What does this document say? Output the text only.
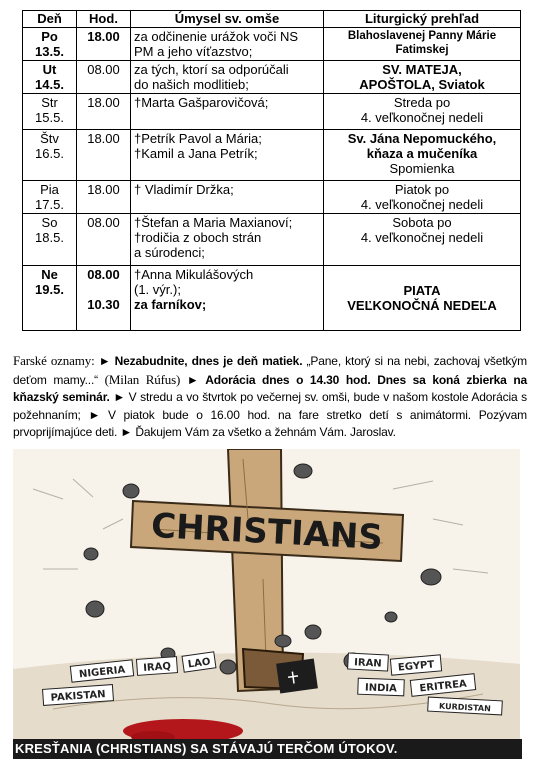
Deň	Hod.	Úmysel sv. omše	Liturgický prehľad

Po
13.5.	18.00	za odčinenie urážok voči NS
PM a jeho víťazstvo;	Blahoslavenej Panny Márie
Fatimskej

Ut
14.5.	08.00	za tých, ktorí sa odporúčali
do našich modlitieb;	SV. MATEJA,
APOŠTOLA, Sviatok

Str
15.5.	18.00	†Marta Gašparovičová;	Streda po
4. veľkonočnej nedeli

Štv
16.5.	18.00	†Petrík Pavol a Mária;
†Kamil a Jana Petrík;	Sv. Jána Nepomuckého,
kňaza a mučeníka
Spomienka

Pia
17.5.	18.00	† Vladimír Držka;	Piatok po
4. veľkonočnej nedeli

So
18.5.	08.00	†Štefan a Maria Maxianoví;
†rodičia z oboch strán
a súrodenci;	Sobota po
4. veľkonočnej nedeli

Ne
19.5.	08.00
10.30	†Anna Mikulášových
(1. výr.);
za farníkov;	PIATA
VEĽKONOČNÁ NEDEĽA
Farské oznamy: ► Nezabudnite, dnes je deň matiek. „Pane, ktorý si na nebi, zachovaj všetkým deťom mamy...“ (Milan Rúfus) ► Adorácia dnes o 14.30 hod. Dnes sa koná zbierka na kňazský seminár. ► V stredu a vo štvrtok po večernej sv. omši, bude v našom kostole Adorácia s požehnaním; ► V piatok bude o 16.00 hod. na fare stretko detí s animátormi. Pozývam prvoprijímajúce deti. ► Ďakujem Vám za všetko a žehnám Vám. Jaroslav.
CHRISTIANS
NIGERIA IRAQ LAO
PAKISTAN
IRAN EGYPT
INDIA ERITREA
KURDISTAN
KRESŤANIA (CHRISTIANS) SA STÁVAJÚ TERČOM ÚTOKOV.
